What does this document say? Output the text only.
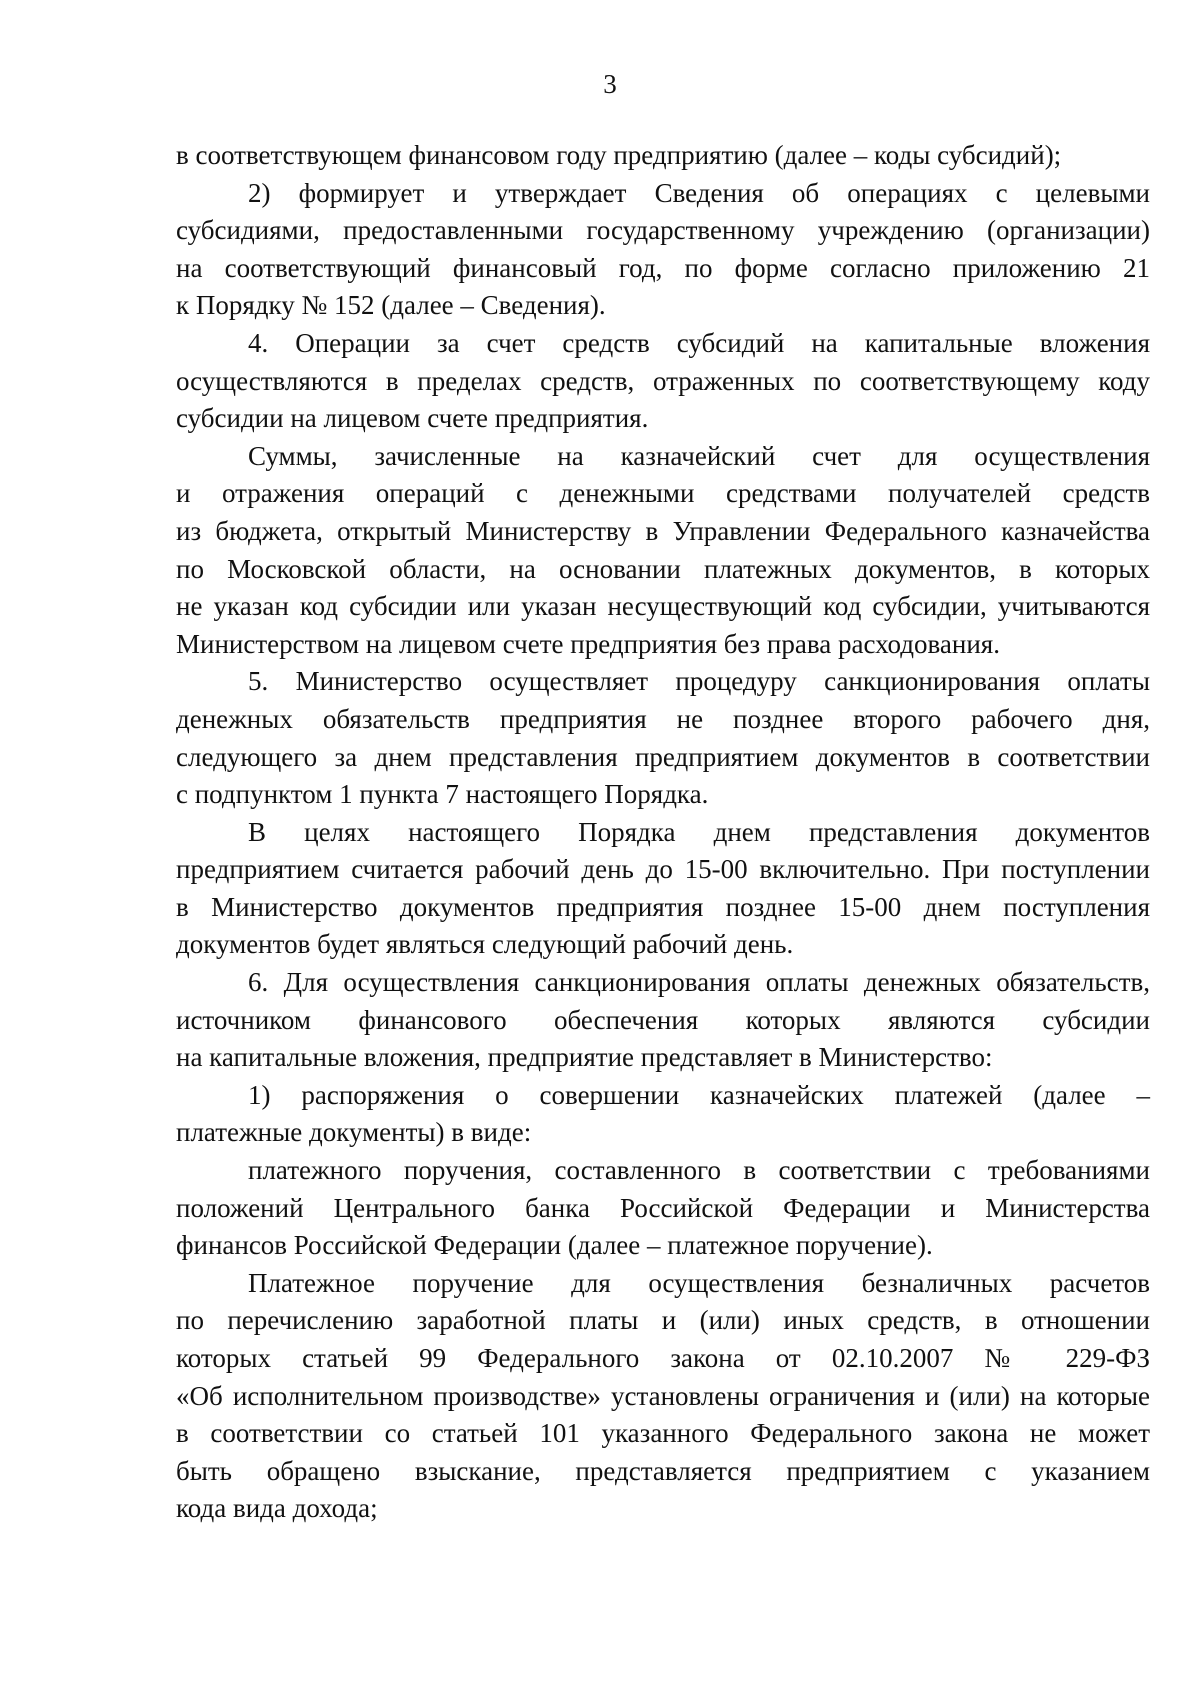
3
в соответствующем финансовом году предприятию (далее – коды субсидий);
2) формирует и утверждает Сведения об операциях с целевыми
субсидиями, предоставленными государственному учреждению (организации)
на соответствующий финансовый год, по форме согласно приложению 21
к Порядку № 152 (далее – Сведения).
4. Операции за счет средств субсидий на капитальные вложения
осуществляются в пределах средств, отраженных по соответствующему коду
субсидии на лицевом счете предприятия.
Суммы, зачисленные на казначейский счет для осуществления
и отражения операций с денежными средствами получателей средств
из бюджета, открытый Министерству в Управлении Федерального казначейства
по Московской области, на основании платежных документов, в которых
не указан код субсидии или указан несуществующий код субсидии, учитываются
Министерством на лицевом счете предприятия без права расходования.
5. Министерство осуществляет процедуру санкционирования оплаты
денежных обязательств предприятия не позднее второго рабочего дня,
следующего за днем представления предприятием документов в соответствии
с подпунктом 1 пункта 7 настоящего Порядка.
В целях настоящего Порядка днем представления документов
предприятием считается рабочий день до 15-00 включительно. При поступлении
в Министерство документов предприятия позднее 15-00 днем поступления
документов будет являться следующий рабочий день.
6. Для осуществления санкционирования оплаты денежных обязательств,
источником финансового обеспечения которых являются субсидии
на капитальные вложения, предприятие представляет в Министерство:
1) распоряжения о совершении казначейских платежей (далее –
платежные документы) в виде:
платежного поручения, составленного в соответствии с требованиями
положений Центрального банка Российской Федерации и Министерства
финансов Российской Федерации (далее – платежное поручение).
Платежное поручение для осуществления безналичных расчетов
по перечислению заработной платы и (или) иных средств, в отношении
которых статьей 99 Федерального закона от 02.10.2007 № 229-ФЗ
«Об исполнительном производстве» установлены ограничения и (или) на которые
в соответствии со статьей 101 указанного Федерального закона не может
быть обращено взыскание, представляется предприятием с указанием
кода вида дохода;
